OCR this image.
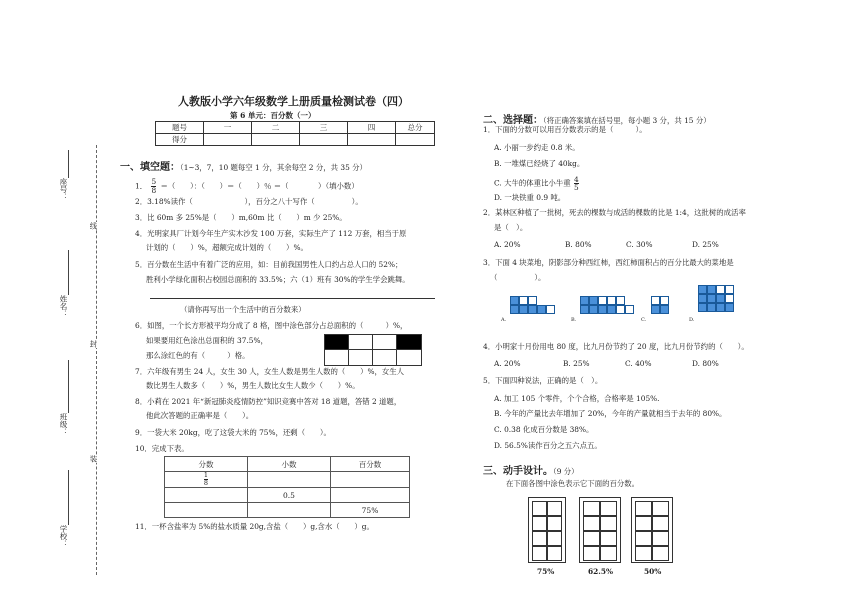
座号：
姓名：
班级：
学校：
线
封
装
人教版小学六年级数学上册质量检测试卷（四）
第 6 单元：百分数（一）
题号	一	二	三	四	总分
得分					
一、填空题：（1~3，7，10 题每空 1 分，其余每空 2 分，共 35 分）
1． $\frac{5}{8}$ ＝（　　）：（　　）＝（　　）％ ＝（　　　　）（填小数）
2．3.18%读作（　　　　　　　），百分之八十写作（　　　　　）。
3．比 60m 多 25%是（　　）m,60m 比（　　）m 少 25%。
4．光明家具厂计划今年生产实木沙发 100 万套，实际生产了 112 万套，相当于原
计划的（　　）%，超额完成计划的（　　）%。
5．百分数在生活中有着广泛的应用，如：目前我国男性人口约占总人口的 52%；
胜利小学绿化面积占校园总面积的 33.5%；六（1）班有 30%的学生学会跳舞。
（请你再写出一个生活中的百分数来）
6．如图，一个长方形被平均分成了 8 格，图中涂色部分占总面积的（　　　）%，
如果要用红色涂出总面积的 37.5%，
那么涂红色的有（　　　）格。
7．六年级有男生 24 人，女生 30 人，女生人数是男生人数的（　　）%，女生人
数比男生人数多（　　）%，男生人数比女生人数少（　　）%。
8．小莉在 2021 年“新冠肺炎疫情防控”知识竞赛中答对 18 道题，答错 2 道题，
他此次答题的正确率是（　　）。
9．一袋大米 20kg，吃了这袋大米的 75%，还剩（　　）。
10．完成下表。
分数	小数	百分数

$\frac{1}{8}$

	0.5	
		75%
11．一杯含盐率为 5%的盐水质量 20g,含盐（　　）g,含水（　　）g。
二、选择题：（将正确答案填在括号里，每小题 3 分，共 15 分）
1．下面的分数可以用百分数表示的是（　　　）。
A. 小丽一步约走 0.8 米。
B. 一堆煤已经烧了 40kg。
C. 大牛的体重比小牛重 $\frac{4}{5}$
D. 一块铁重 0.9 吨。
2．某林区种植了一批树，死去的棵数与成活的棵数的比是 1:4，这批树的成活率
是（　）。
A. 20%	B. 80%	C. 30%	D. 25%
3．下面 4 块菜地，阴影部分种西红柿，西红柿面积占的百分比最大的菜地是
（　　　　　）。
A.	B.	C.	D.
4．小明家十月份用电 80 度，比九月份节约了 20 度，比九月份节约的（　　）。
A. 20%	B. 25%	C. 40%	D. 80%
5．下面四种说法，正确的是（　）。
A. 加工 105 个零件，个个合格，合格率是 105%.
B. 今年的产量比去年增加了 20%，今年的产量就相当于去年的 80%。
C. 0.38 化成百分数是 38%。
D. 56.5%读作百分之五六点五。
三、动手设计。（9 分）
在下面各图中涂色表示它下面的百分数。
75%	62.5%	50%
